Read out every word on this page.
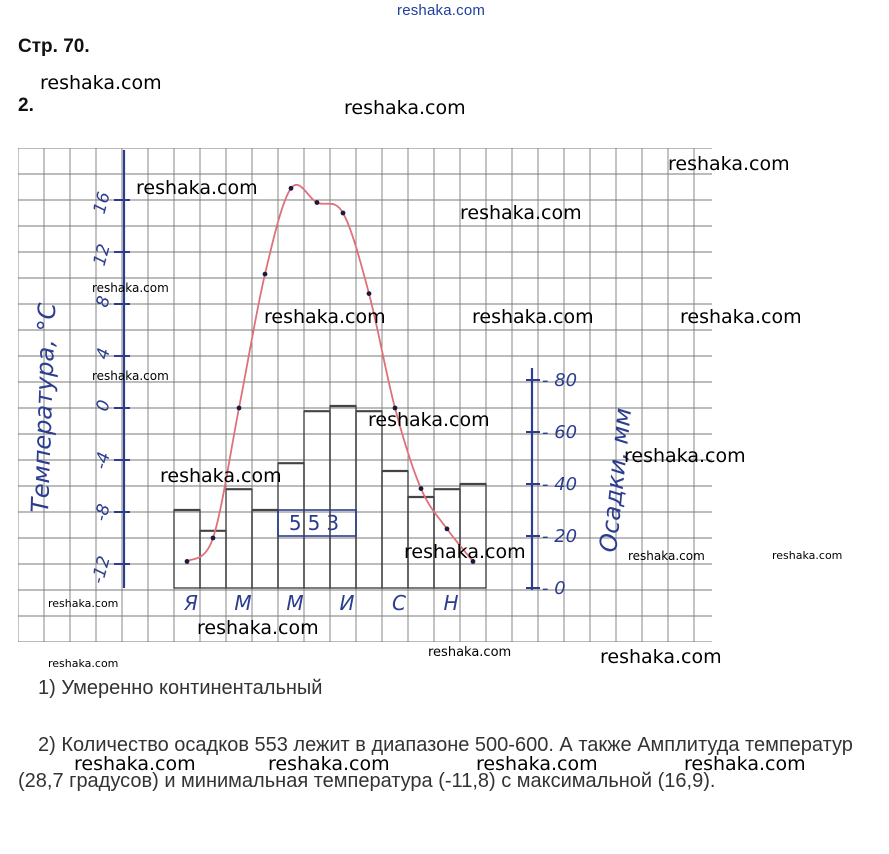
reshaka.com
Стр. 70.
2.
553
16
12
8
4
0
-4
-8
-12
- 80
- 60
- 40
- 20
- 0
Температура, °С	Осадки, мм
Я М М И С Н
reshaka.com
reshaka.com
reshaka.com
reshaka.com
reshaka.com
reshaka.com	reshaka.com	reshaka.com
reshaka.com
reshaka.com
reshaka.com
reshaka.com
reshaka.com
reshaka.com
reshaka.com	reshaka.com	reshaka.com	reshaka.com
reshaka.com
reshaka.com
reshaka.com	reshaka.com
reshaka.com
reshaka.com
reshaka.com
1) Умеренно континентальный
2) Количество осадков 553 лежит в диапазоне 500-600. А также Амплитуда температур (28,7 градусов) и минимальная температура (-11,8) с максимальной (16,9).
